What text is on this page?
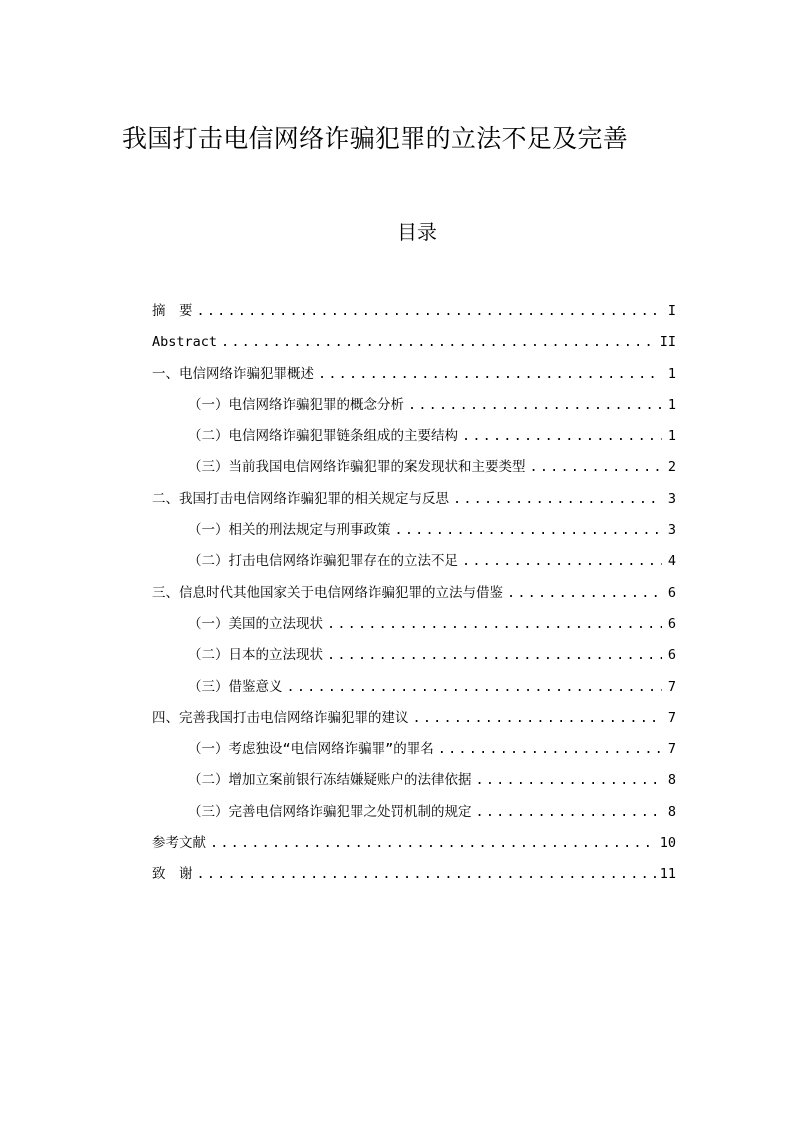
我国打击电信网络诈骗犯罪的立法不足及完善
目录
摘　要 .....	I
Abstract .....	II
一、电信网络诈骗犯罪概述 .....	1
（一）电信网络诈骗犯罪的概念分析 .....	1
（二）电信网络诈骗犯罪链条组成的主要结构 .....	1
（三）当前我国电信网络诈骗犯罪的案发现状和主要类型 .....	2
二、我国打击电信网络诈骗犯罪的相关规定与反思 .....	3
（一）相关的刑法规定与刑事政策 .....	3
（二）打击电信网络诈骗犯罪存在的立法不足 .....	4
三、信息时代其他国家关于电信网络诈骗犯罪的立法与借鉴 .....	6
（一）美国的立法现状 .....	6
（二）日本的立法现状 .....	6
（三）借鉴意义 .....	7
四、完善我国打击电信网络诈骗犯罪的建议 .....	7
（一）考虑独设“电信网络诈骗罪”的罪名 .....	7
（二）增加立案前银行冻结嫌疑账户的法律依据 .....	8
（三）完善电信网络诈骗犯罪之处罚机制的规定 .....	8
参考文献 .....	10
致　谢 .....	11
